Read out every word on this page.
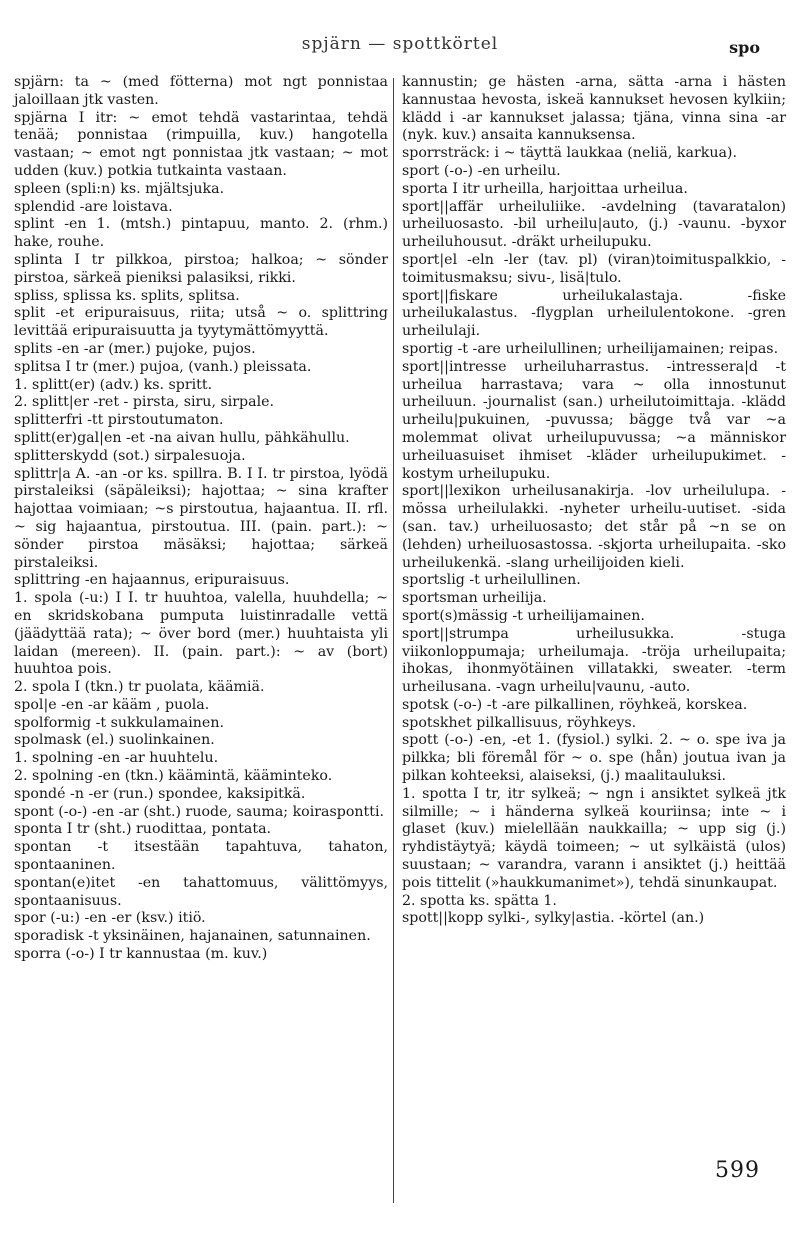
spjärn — spottkörtel	spo

spjärn: ta ~ (med fötterna) mot ngt ponnistaa jaloillaan jtk vasten.

spjärna I itr: ~ emot tehdä vastarintaa, tehdä tenää; ponnistaa (rimpuilla, kuv.) hangotella vastaan; ~ emot ngt ponnistaa jtk vastaan; ~ mot udden (kuv.) potkia tutkainta vastaan.

spleen (spli:n) ks. mjältsjuka.

splendid -are loistava.

splint -en 1. (mtsh.) pintapuu, manto. 2. (rhm.) hake, rouhe.

splinta I tr pilkkoa, pirstoa; halkoa; ~ sönder pirstoa, särkeä pieniksi palasiksi, rikki.

spliss, splissa ks. splits, splitsa.

split -et eripuraisuus, riita; utså ~ o. splittring levittää eripuraisuutta ja tyytymättömyyttä.

splits -en -ar (mer.) pujoke, pujos.

splitsa I tr (mer.) pujoa, (vanh.) pleissata.

1. splitt(er) (adv.) ks. spritt.

2. splitt|er -ret - pirsta, siru, sirpale.

splitterfri -tt pirstoutumaton.

splitt(er)gal|en -et -na aivan hullu, pähkähullu.

splitterskydd (sot.) sirpalesuoja.

splittr|a A. -an -or ks. spillra. B. I I. tr pirstoa, lyödä pirstaleiksi (säpäleiksi); hajottaa; ~ sina krafter hajottaa voimiaan; ~s pirstoutua, hajaantua. II. rfl. ~ sig hajaantua, pirstoutua. III. (pain. part.): ~ sönder pirstoa mäsäksi; hajottaa; särkeä pirstaleiksi.

splittring -en hajaannus, eripuraisuus.

1. spola (-u:) I I. tr huuhtoa, valella, huuhdella; ~ en skridskobana pumputa luistinradalle vettä (jäädyttää rata); ~ över bord (mer.) huuhtaista yli laidan (mereen). II. (pain. part.): ~ av (bort) huuhtoa pois.

2. spola I (tkn.) tr puolata, käämiä.

spol|e -en -ar kääm , puola.

spolformig -t sukkulamainen.

spolmask (el.) suolinkainen.

1. spolning -en -ar huuhtelu.

2. spolning -en (tkn.) käämintä, kääminteko.

spondé -n -er (run.) spondee, kaksipitkä.

spont (-o-) -en -ar (sht.) ruode, sauma; koiraspontti.

sponta I tr (sht.) ruodittaa, pontata.

spontan -t itsestään tapahtuva, tahaton, spontaaninen.

spontan(e)itet -en tahattomuus, välittömyys, spontaanisuus.

spor (-u:) -en -er (ksv.) itiö.

sporadisk -t yksinäinen, hajanainen, satunnainen.

sporra (-o-) I tr kannustaa (m. kuv.)

kannustin; ge hästen -arna, sätta -arna i hästen kannustaa hevosta, iskeä kannukset hevosen kylkiin; klädd i -ar kannukset jalassa; tjäna, vinna sina -ar (nyk. kuv.) ansaita kannuksensa.

sporrsträck: i ~ täyttä laukkaa (neliä, karkua).

sport (-o-) -en urheilu.

sporta I itr urheilla, harjoittaa urheilua.

sport||affär urheiluliike. -avdelning (tavaratalon) urheiluosasto. -bil urheilu|auto, (j.) -vaunu. -byxor urheiluhousut. -dräkt urheilupuku.

sport|el -eln -ler (tav. pl) (viran)toimituspalkkio, -toimitusmaksu; sivu-, lisä|tulo.

sport||fiskare urheilukalastaja. -fiske urheilukalastus. -flygplan urheilulentokone. -gren urheilulaji.

sportig -t -are urheilullinen; urheilijamainen; reipas.

sport||intresse urheiluharrastus. -intressera|d -t urheilua harrastava; vara ~ olla innostunut urheiluun. -journalist (san.) urheilutoimittaja. -klädd urheilu|pukuinen, -puvussa; bägge två var ~a molemmat olivat urheilupuvussa; ~a människor urheiluasuiset ihmiset -kläder urheilupukimet. -kostym urheilupuku.

sport||lexikon urheilusanakirja. -lov urheilulupa. -mössa urheilulakki. -nyheter urheilu-uutiset. -sida (san. tav.) urheiluosasto; det står på ~n se on (lehden) urheiluosastossa. -skjorta urheilupaita. -sko urheilukenkä. -slang urheilijoiden kieli.

sportslig -t urheilullinen.

sportsman urheilija.

sport(s)mässig -t urheilijamainen.

sport||strumpa urheilusukka. -stuga viikonloppumaja; urheilumaja. -tröja urheilupaita; ihokas, ihonmyötäinen villatakki, sweater. -term urheilusana. -vagn urheilu|vaunu, -auto.

spotsk (-o-) -t -are pilkallinen, röyhkeä, korskea.

spotskhet pilkallisuus, röyhkeys.

spott (-o-) -en, -et 1. (fysiol.) sylki. 2. ~ o. spe iva ja pilkka; bli föremål för ~ o. spe (hån) joutua ivan ja pilkan kohteeksi, alaiseksi, (j.) maalitauluksi.

1. spotta I tr, itr sylkeä; ~ ngn i ansiktet sylkeä jtk silmille; ~ i händerna sylkeä kouriinsa; inte ~ i glaset (kuv.) mielellään naukkailla; ~ upp sig (j.) ryhdistäytyä; käydä toimeen; ~ ut sylkäistä (ulos) suustaan; ~ varandra, varann i ansiktet (j.) heittää pois tittelit (»haukkumanimet»), tehdä sinunkaupat.

2. spotta ks. spätta 1.

spott||kopp sylki-, sylky|astia. -körtel (an.)

599
